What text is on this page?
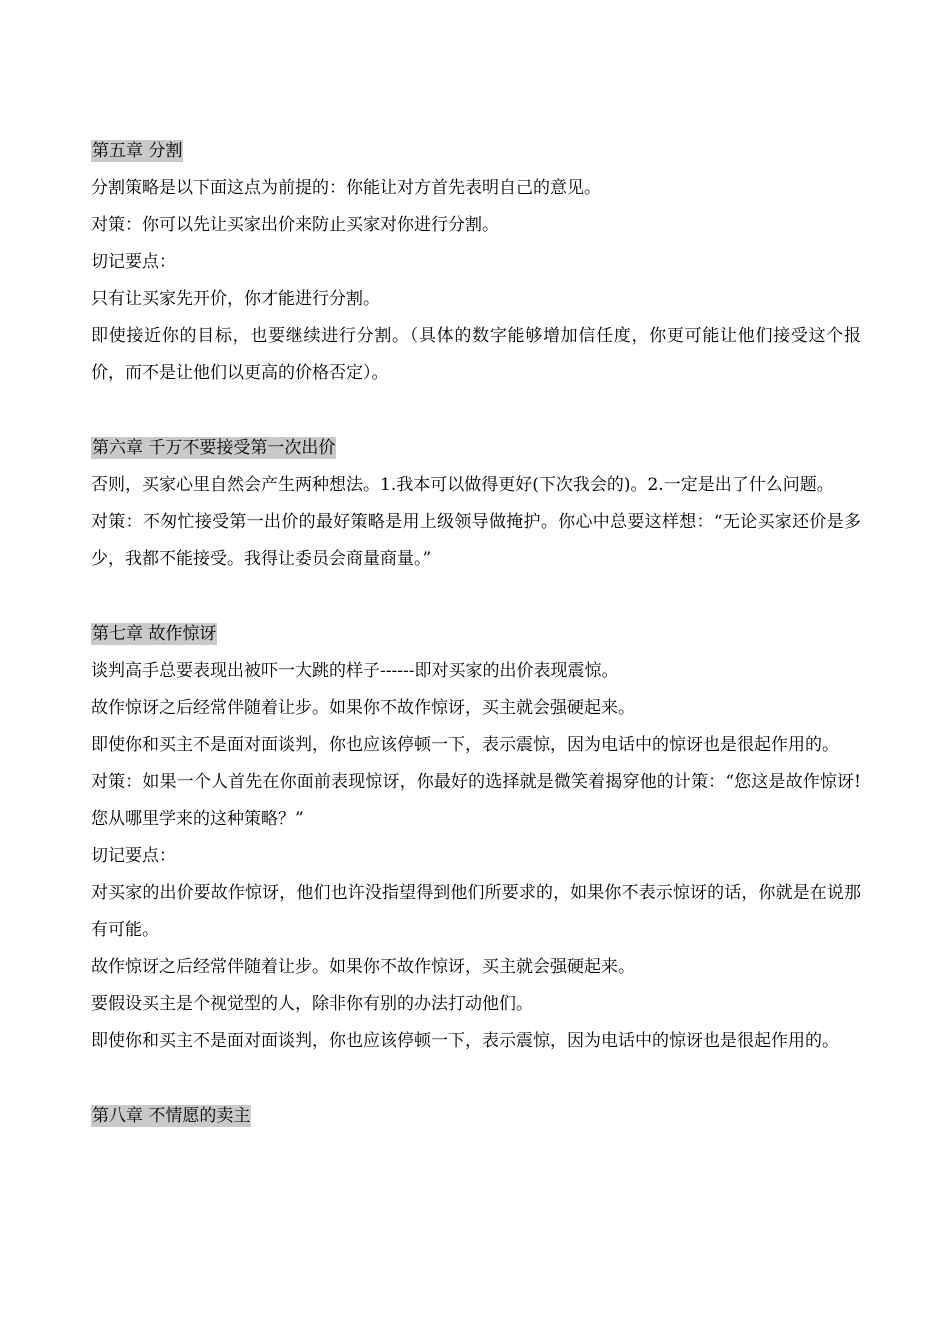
第五章 分割

分割策略是以下面这点为前提的：你能让对方首先表明自己的意见。

对策：你可以先让买家出价来防止买家对你进行分割。

切记要点：

只有让买家先开价，你才能进行分割。

即使接近你的目标，也要继续进行分割。（具体的数字能够增加信任度，你更可能让他们接受这个报价，而不是让他们以更高的价格否定）。

第六章 千万不要接受第一次出价

否则，买家心里自然会产生两种想法。1.我本可以做得更好(下次我会的)。2.一定是出了什么问题。

对策：不匆忙接受第一出价的最好策略是用上级领导做掩护。你心中总要这样想：“无论买家还价是多少，我都不能接受。我得让委员会商量商量。”

第七章 故作惊讶

谈判高手总要表现出被吓一大跳的样子------即对买家的出价表现震惊。

故作惊讶之后经常伴随着让步。如果你不故作惊讶，买主就会强硬起来。

即使你和买主不是面对面谈判，你也应该停顿一下，表示震惊，因为电话中的惊讶也是很起作用的。

对策：如果一个人首先在你面前表现惊讶，你最好的选择就是微笑着揭穿他的计策：“您这是故作惊讶!您从哪里学来的这种策略？”

切记要点：

对买家的出价要故作惊讶，他们也许没指望得到他们所要求的，如果你不表示惊讶的话，你就是在说那有可能。

故作惊讶之后经常伴随着让步。如果你不故作惊讶，买主就会强硬起来。

要假设买主是个视觉型的人，除非你有别的办法打动他们。

即使你和买主不是面对面谈判，你也应该停顿一下，表示震惊，因为电话中的惊讶也是很起作用的。

第八章 不情愿的卖主
